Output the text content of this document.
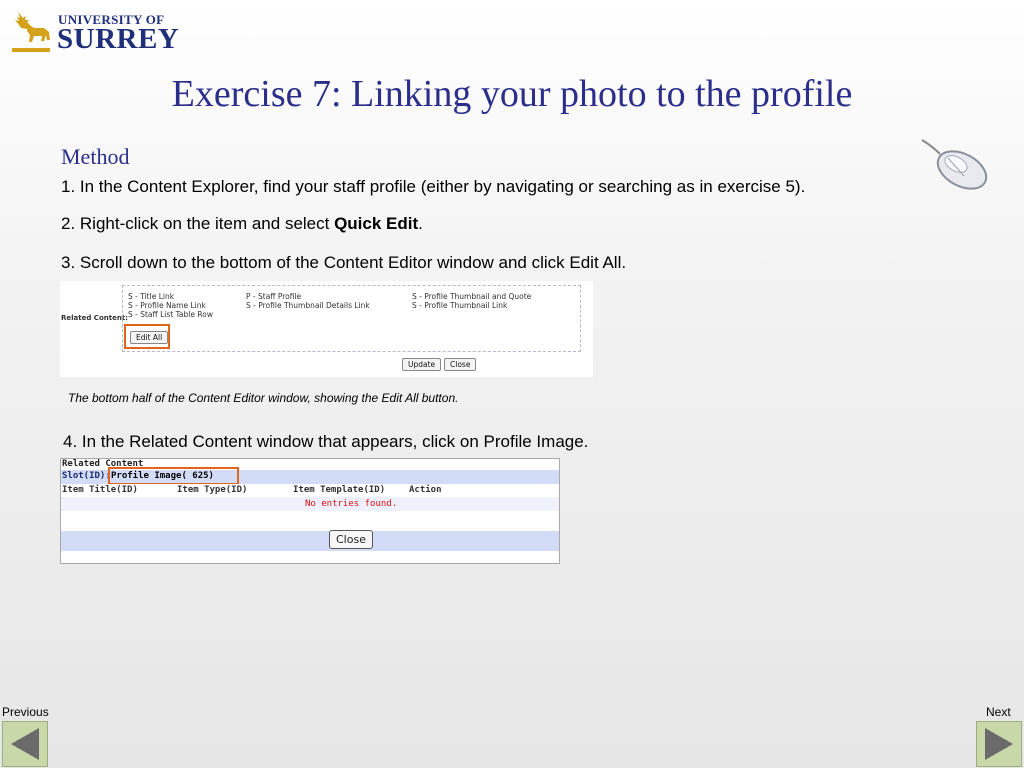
UNIVERSITY OF
SURREY
Exercise 7: Linking your photo to the profile
Method
1. In the Content Explorer, find your staff profile (either by navigating or searching as in exercise 5).
2. Right-click on the item and select Quick Edit.
3. Scroll down to the bottom of the Content Editor window and click Edit All.
Related Content:
S - Title Link
S - Profile Name Link
S - Staff List Table Row
P - Staff Profile
S - Profile Thumbnail Details Link
S - Profile Thumbnail and Quote
S - Profile Thumbnail Link
Edit All
Update	Close
The bottom half of the Content Editor window, showing the Edit All button.
4. In the Related Content window that appears, click on Profile Image.
Related Content
Slot(ID): Profile Image( 625)
Item Title(ID)	Item Type(ID)	Item Template(ID)	Action
No entries found.
Close
Previous	Next
